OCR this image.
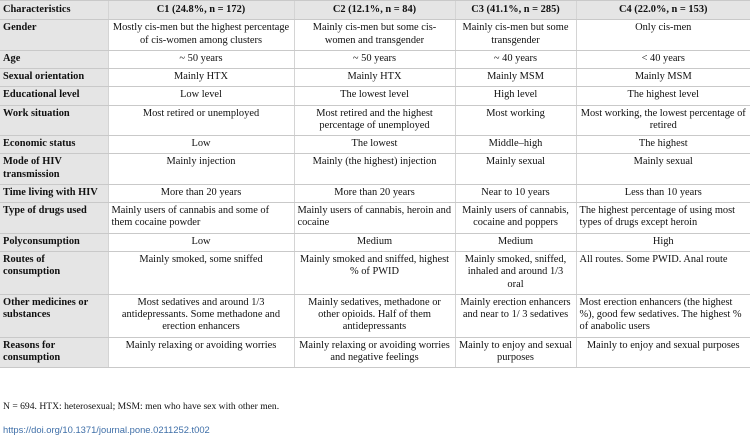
Characteristics	C1 (24.8%, n = 172)	C2 (12.1%, n = 84)	C3 (41.1%, n = 285)	C4 (22.0%, n = 153)
Gender	Mostly cis-men but the highest percentage of cis-women among clusters	Mainly cis-men but some cis-women and transgender	Mainly cis-men but some transgender	Only cis-men
Age	~ 50 years	~ 50 years	~ 40 years	< 40 years
Sexual orientation	Mainly HTX	Mainly HTX	Mainly MSM	Mainly MSM
Educational level	Low level	The lowest level	High level	The highest level
Work situation	Most retired or unemployed	Most retired and the highest percentage of unemployed	Most working	Most working, the lowest percentage of retired
Economic status	Low	The lowest	Middle–high	The highest
Mode of HIV transmission	Mainly injection	Mainly (the highest) injection	Mainly sexual	Mainly sexual
Time living with HIV	More than 20 years	More than 20 years	Near to 10 years	Less than 10 years
Type of drugs used	Mainly users of cannabis and some of them cocaine powder	Mainly users of cannabis, heroin and cocaine	Mainly users of cannabis, cocaine and poppers	The highest percentage of using most types of drugs except heroin
Polyconsumption	Low	Medium	Medium	High
Routes of consumption	Mainly smoked, some sniffed	Mainly smoked and sniffed, highest % of PWID	Mainly smoked, sniffed, inhaled and around 1/3 oral	All routes. Some PWID. Anal route
Other medicines or substances	Most sedatives and around 1/3 antidepressants. Some methadone and erection enhancers	Mainly sedatives, methadone or other opioids. Half of them antidepressants	Mainly erection enhancers and near to 1/ 3 sedatives	Most erection enhancers (the highest %), good few sedatives. The highest % of anabolic users
Reasons for consumption	Mainly relaxing or avoiding worries	Mainly relaxing or avoiding worries and negative feelings	Mainly to enjoy and sexual purposes	Mainly to enjoy and sexual purposes
N = 694. HTX: heterosexual; MSM: men who have sex with other men.
https://doi.org/10.1371/journal.pone.0211252.t002
